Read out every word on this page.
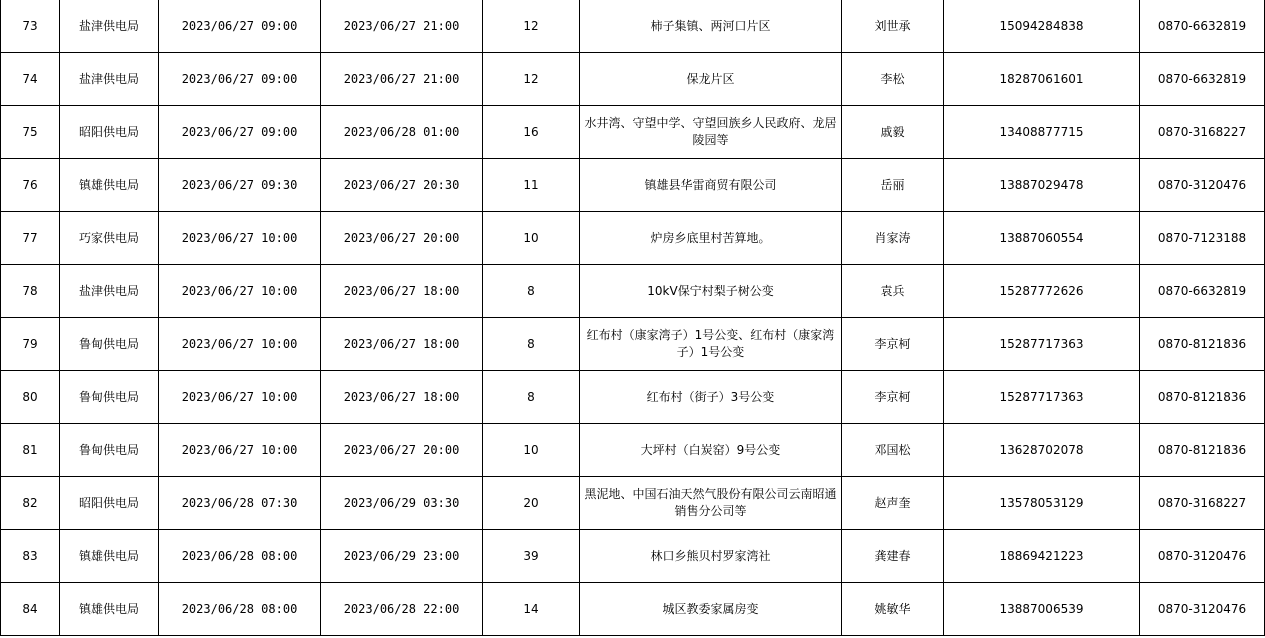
73	盐津供电局	2023/06/27 09:00	2023/06/27 21:00	12	柿子集镇、两河口片区	刘世承	15094284838	0870-6632819
74	盐津供电局	2023/06/27 09:00	2023/06/27 21:00	12	保龙片区	李松	18287061601	0870-6632819
75	昭阳供电局	2023/06/27 09:00	2023/06/28 01:00	16	水井湾、守望中学、守望回族乡人民政府、龙居陵园等	戚毅	13408877715	0870-3168227
76	镇雄供电局	2023/06/27 09:30	2023/06/27 20:30	11	镇雄县华雷商贸有限公司	岳丽	13887029478	0870-3120476
77	巧家供电局	2023/06/27 10:00	2023/06/27 20:00	10	炉房乡底里村苦算地。	肖家涛	13887060554	0870-7123188
78	盐津供电局	2023/06/27 10:00	2023/06/27 18:00	8	10kV保宁村梨子树公变	袁兵	15287772626	0870-6632819
79	鲁甸供电局	2023/06/27 10:00	2023/06/27 18:00	8	红布村（康家湾子）1号公变、红布村（康家湾子）1号公变	李京柯	15287717363	0870-8121836
80	鲁甸供电局	2023/06/27 10:00	2023/06/27 18:00	8	红布村（街子）3号公变	李京柯	15287717363	0870-8121836
81	鲁甸供电局	2023/06/27 10:00	2023/06/27 20:00	10	大坪村（白炭窑）9号公变	邓国松	13628702078	0870-8121836
82	昭阳供电局	2023/06/28 07:30	2023/06/29 03:30	20	黑泥地、中国石油天然气股份有限公司云南昭通销售分公司等	赵声奎	13578053129	0870-3168227
83	镇雄供电局	2023/06/28 08:00	2023/06/29 23:00	39	林口乡熊贝村罗家湾社	龚建春	18869421223	0870-3120476
84	镇雄供电局	2023/06/28 08:00	2023/06/28 22:00	14	城区教委家属房变	姚敏华	13887006539	0870-3120476
